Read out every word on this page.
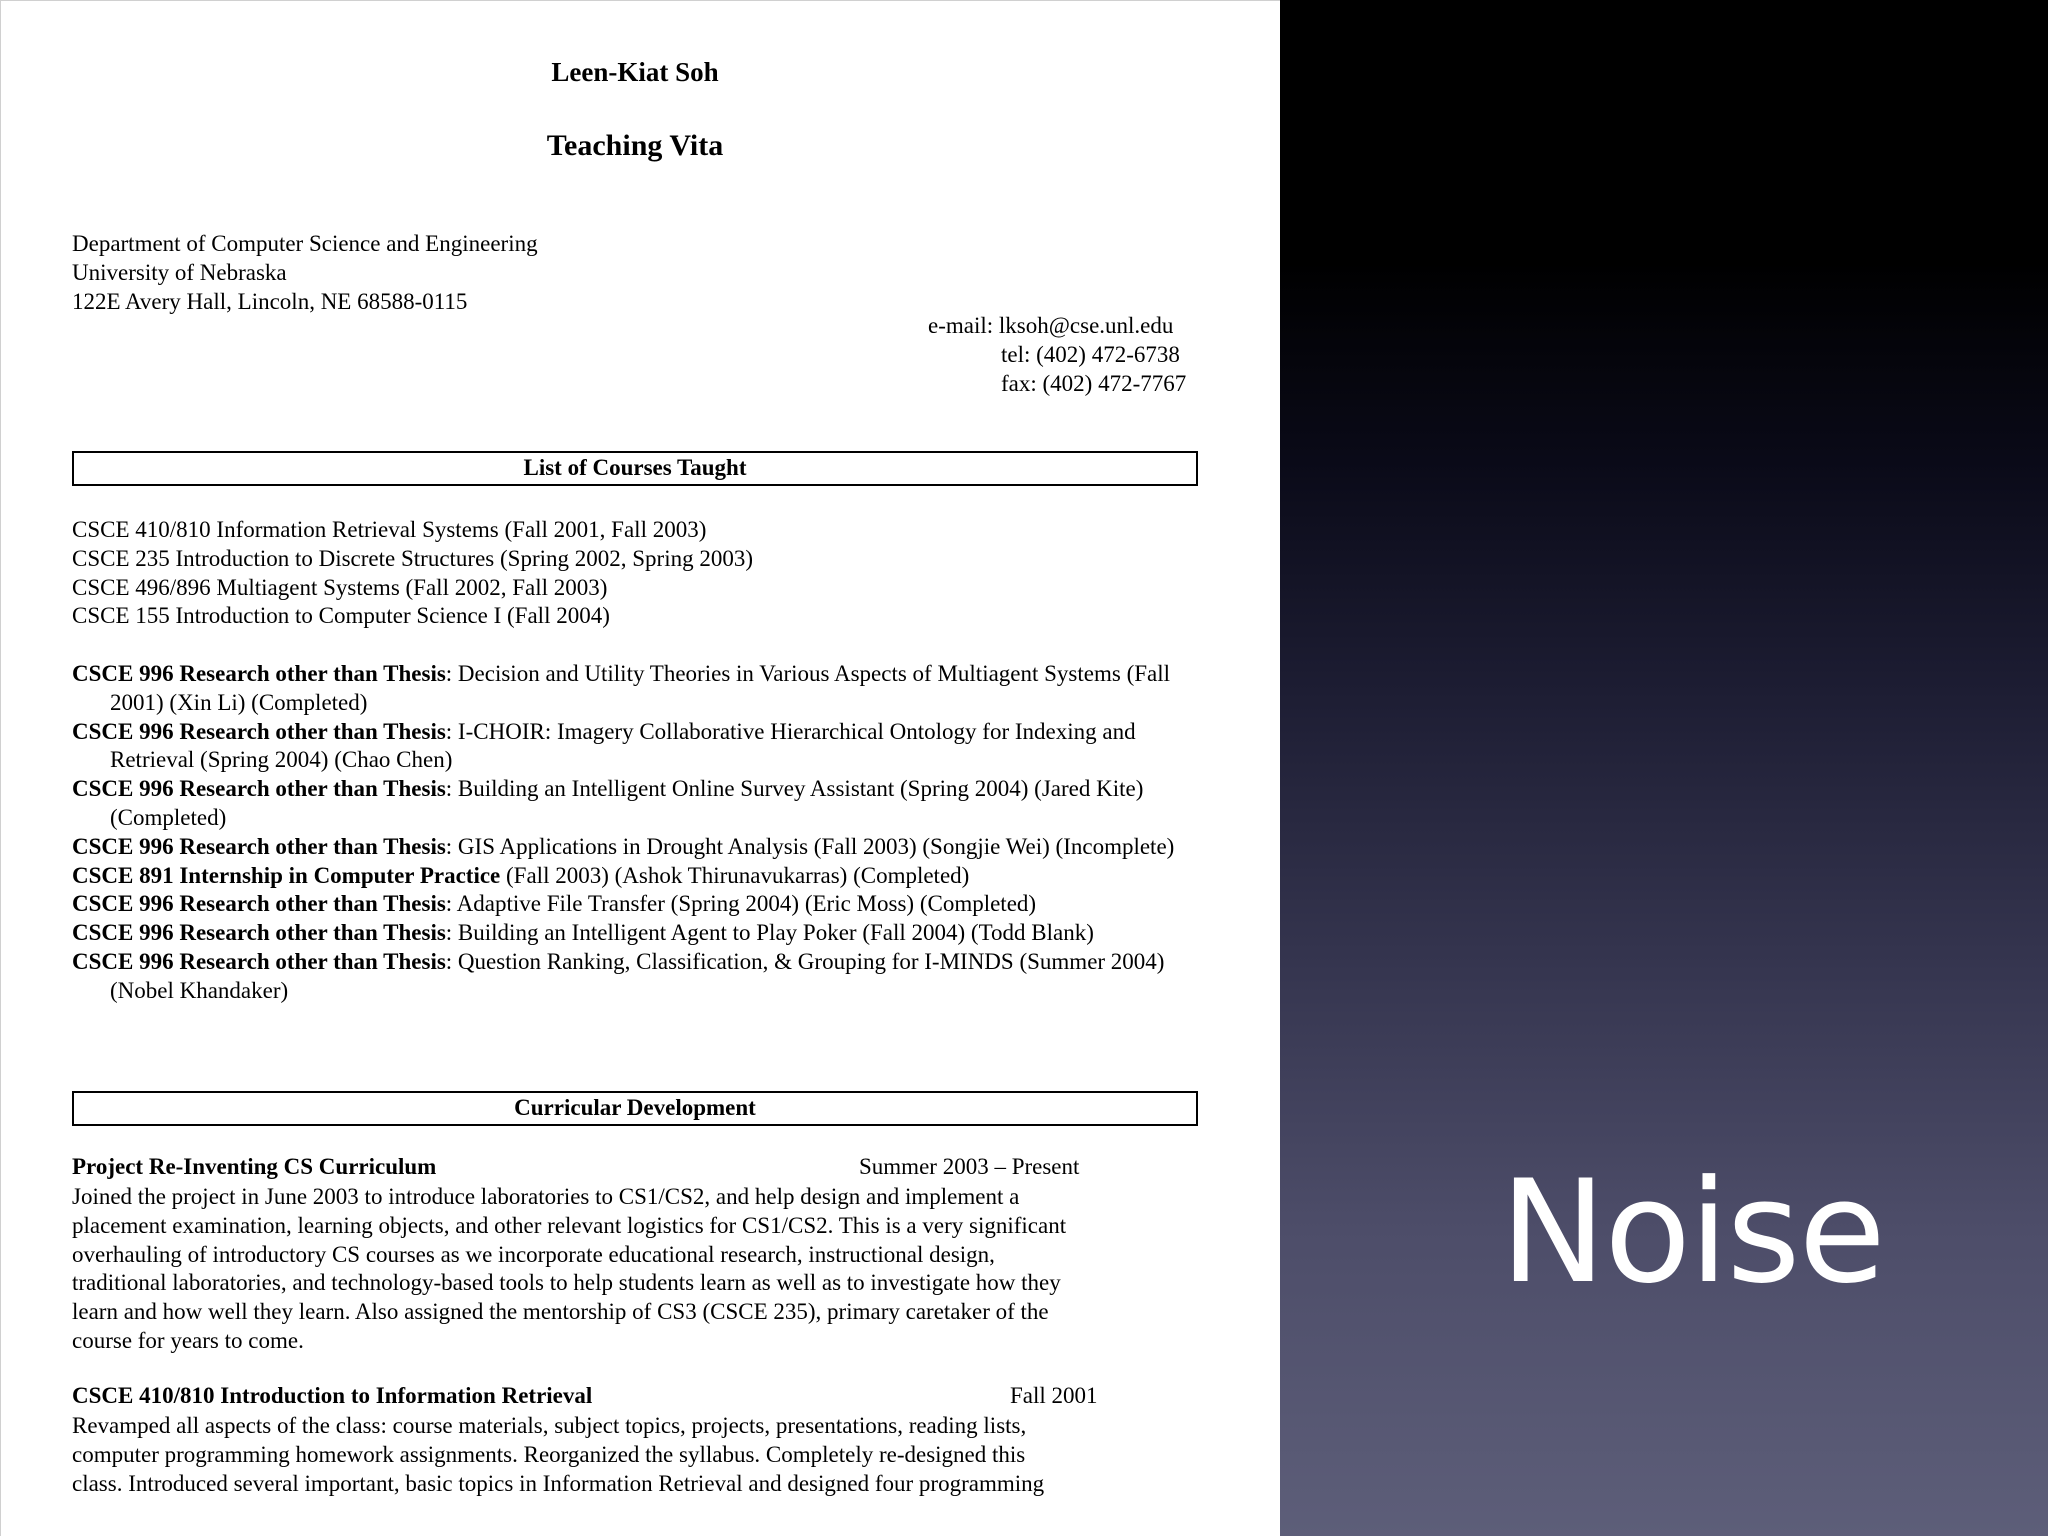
Leen-Kiat Soh
Teaching Vita
Department of Computer Science and Engineering
University of Nebraska
122E Avery Hall, Lincoln, NE 68588-0115
e-mail: lksoh@cse.unl.edu
tel: (402) 472-6738
fax: (402) 472-7767
List of Courses Taught
CSCE 410/810 Information Retrieval Systems (Fall 2001, Fall 2003)
CSCE 235 Introduction to Discrete Structures (Spring 2002, Spring 2003)
CSCE 496/896 Multiagent Systems (Fall 2002, Fall 2003)
CSCE 155 Introduction to Computer Science I (Fall 2004)
CSCE 996 Research other than Thesis: Decision and Utility Theories in Various Aspects of Multiagent Systems (Fall 2001) (Xin Li) (Completed)
CSCE 996 Research other than Thesis: I-CHOIR: Imagery Collaborative Hierarchical Ontology for Indexing and Retrieval (Spring 2004) (Chao Chen)
CSCE 996 Research other than Thesis: Building an Intelligent Online Survey Assistant (Spring 2004) (Jared Kite) (Completed)
CSCE 996 Research other than Thesis: GIS Applications in Drought Analysis (Fall 2003) (Songjie Wei) (Incomplete)
CSCE 891 Internship in Computer Practice (Fall 2003) (Ashok Thirunavukarras) (Completed)
CSCE 996 Research other than Thesis: Adaptive File Transfer (Spring 2004) (Eric Moss) (Completed)
CSCE 996 Research other than Thesis: Building an Intelligent Agent to Play Poker (Fall 2004) (Todd Blank)
CSCE 996 Research other than Thesis: Question Ranking, Classification, & Grouping for I-MINDS (Summer 2004) (Nobel Khandaker)
Curricular Development
Project Re-Inventing CS Curriculum	Summer 2003 – Present
Joined the project in June 2003 to introduce laboratories to CS1/CS2, and help design and implement a
placement examination, learning objects, and other relevant logistics for CS1/CS2. This is a very significant
overhauling of introductory CS courses as we incorporate educational research, instructional design,
traditional laboratories, and technology-based tools to help students learn as well as to investigate how they
learn and how well they learn. Also assigned the mentorship of CS3 (CSCE 235), primary caretaker of the
course for years to come.
CSCE 410/810 Introduction to Information Retrieval	Fall 2001
Revamped all aspects of the class: course materials, subject topics, projects, presentations, reading lists,
computer programming homework assignments. Reorganized the syllabus. Completely re-designed this
class. Introduced several important, basic topics in Information Retrieval and designed four programming
Noise
